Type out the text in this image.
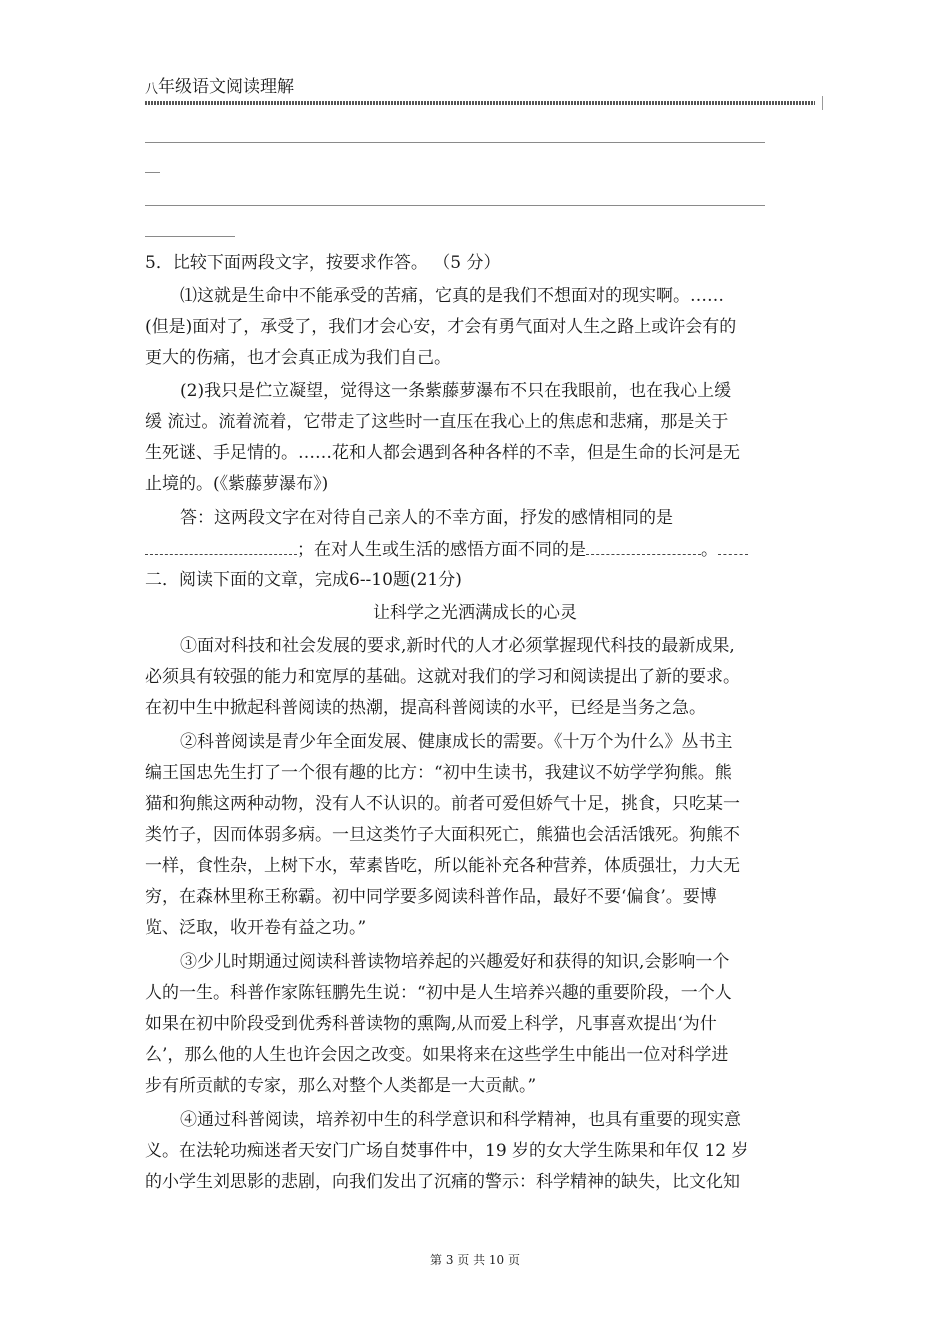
八年级语文阅读理解
5．比较下面两段文字，按要求作答。 （5 分）
⑴这就是生命中不能承受的苦痛，它真的是我们不想面对的现实啊。……
(但是)面对了，承受了，我们才会心安，才会有勇气面对人生之路上或许会有的
更大的伤痛，也才会真正成为我们自己。
(2)我只是伫立凝望，觉得这一条紫藤萝瀑布不只在我眼前，也在我心上缓
缓 流过。流着流着，它带走了这些时一直压在我心上的焦虑和悲痛，那是关于
生死谜、手足情的。……花和人都会遇到各种各样的不幸，但是生命的长河是无
止境的。(《紫藤萝瀑布》)
答：这两段文字在对待自己亲人的不幸方面，抒发的感情相同的是
；在对人生或生活的感悟方面不同的是	。
二．阅读下面的文章，完成6--10题(21分)
让科学之光洒满成长的心灵
①面对科技和社会发展的要求,新时代的人才必须掌握现代科技的最新成果,
必须具有较强的能力和宽厚的基础。这就对我们的学习和阅读提出了新的要求。
在初中生中掀起科普阅读的热潮，提高科普阅读的水平，已经是当务之急。
②科普阅读是青少年全面发展、健康成长的需要。《十万个为什么》丛书主
编王国忠先生打了一个很有趣的比方：“初中生读书，我建议不妨学学狗熊。熊
猫和狗熊这两种动物，没有人不认识的。前者可爱但娇气十足，挑食，只吃某一
类竹子，因而体弱多病。一旦这类竹子大面积死亡，熊猫也会活活饿死。狗熊不
一样，食性杂，上树下水，荤素皆吃，所以能补充各种营养，体质强壮，力大无
穷，在森林里称王称霸。初中同学要多阅读科普作品，最好不要‘偏食’。要博
览、泛取，收开卷有益之功。”
③少儿时期通过阅读科普读物培养起的兴趣爱好和获得的知识,会影响一个
人的一生。科普作家陈钰鹏先生说：“初中是人生培养兴趣的重要阶段，一个人
如果在初中阶段受到优秀科普读物的熏陶,从而爱上科学，凡事喜欢提出‘为什
么’，那么他的人生也许会因之改变。如果将来在这些学生中能出一位对科学进
步有所贡献的专家，那么对整个人类都是一大贡献。”
④通过科普阅读，培养初中生的科学意识和科学精神，也具有重要的现实意
义。在法轮功痴迷者天安门广场自焚事件中，19 岁的女大学生陈果和年仅 12 岁
的小学生刘思影的悲剧，向我们发出了沉痛的警示：科学精神的缺失，比文化知
第 3 页 共 10 页
